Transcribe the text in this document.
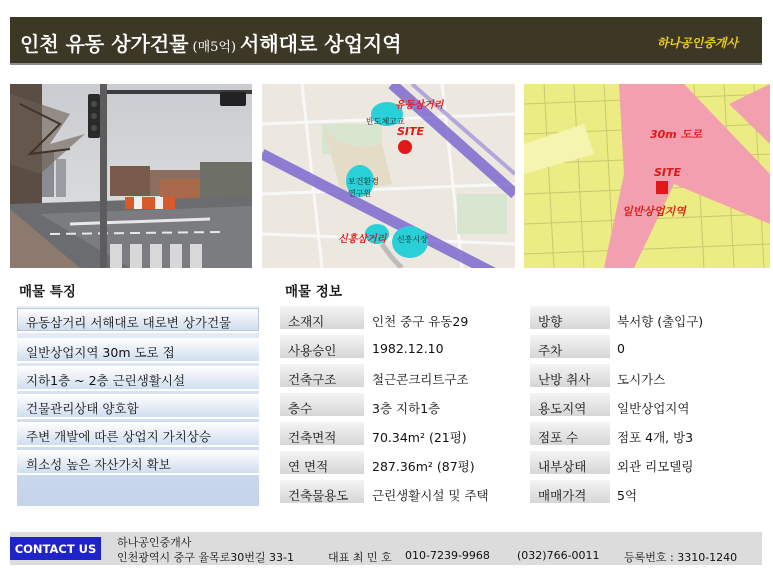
인천 유동 상가건물 (매5억) 서해대로 상업지역	하나공인중개사
유동삼거리
반도체고교
SITE
보건환경
연구원
신흥삼거리 신흥시장
30m 도로
SITE
일반상업지역
매물 특징
유동삼거리 서해대로 대로변 상가건물
일반상업지역 30m 도로 접
지하1층 ~ 2층 근린생활시설
건물관리상태 양호함
주변 개발에 따른 상업지 가치상승
희소성 높은 자산가치 확보
매물 정보
소재지	인천 중구 유동29
사용승인	1982.12.10
건축구조	철근콘크리트구조
층수	3층 지하1층
건축면적	70.34m² (21평)
연 면적	287.36m² (87평)
건축물용도	근린생활시설 및 주택
방향	북서향 (출입구)
주차	0
난방 취사	도시가스
용도지역	일반상업지역
점포 수	점포 4개, 방3
내부상태	외관 리모델링
매매가격	5억
CONTACT US	하나공인중개사
인천광역시 중구 율목로30번길 33-1	대표 최 민 호 010-7239-9968 (032)766-0011 등록번호 : 3310-1240
